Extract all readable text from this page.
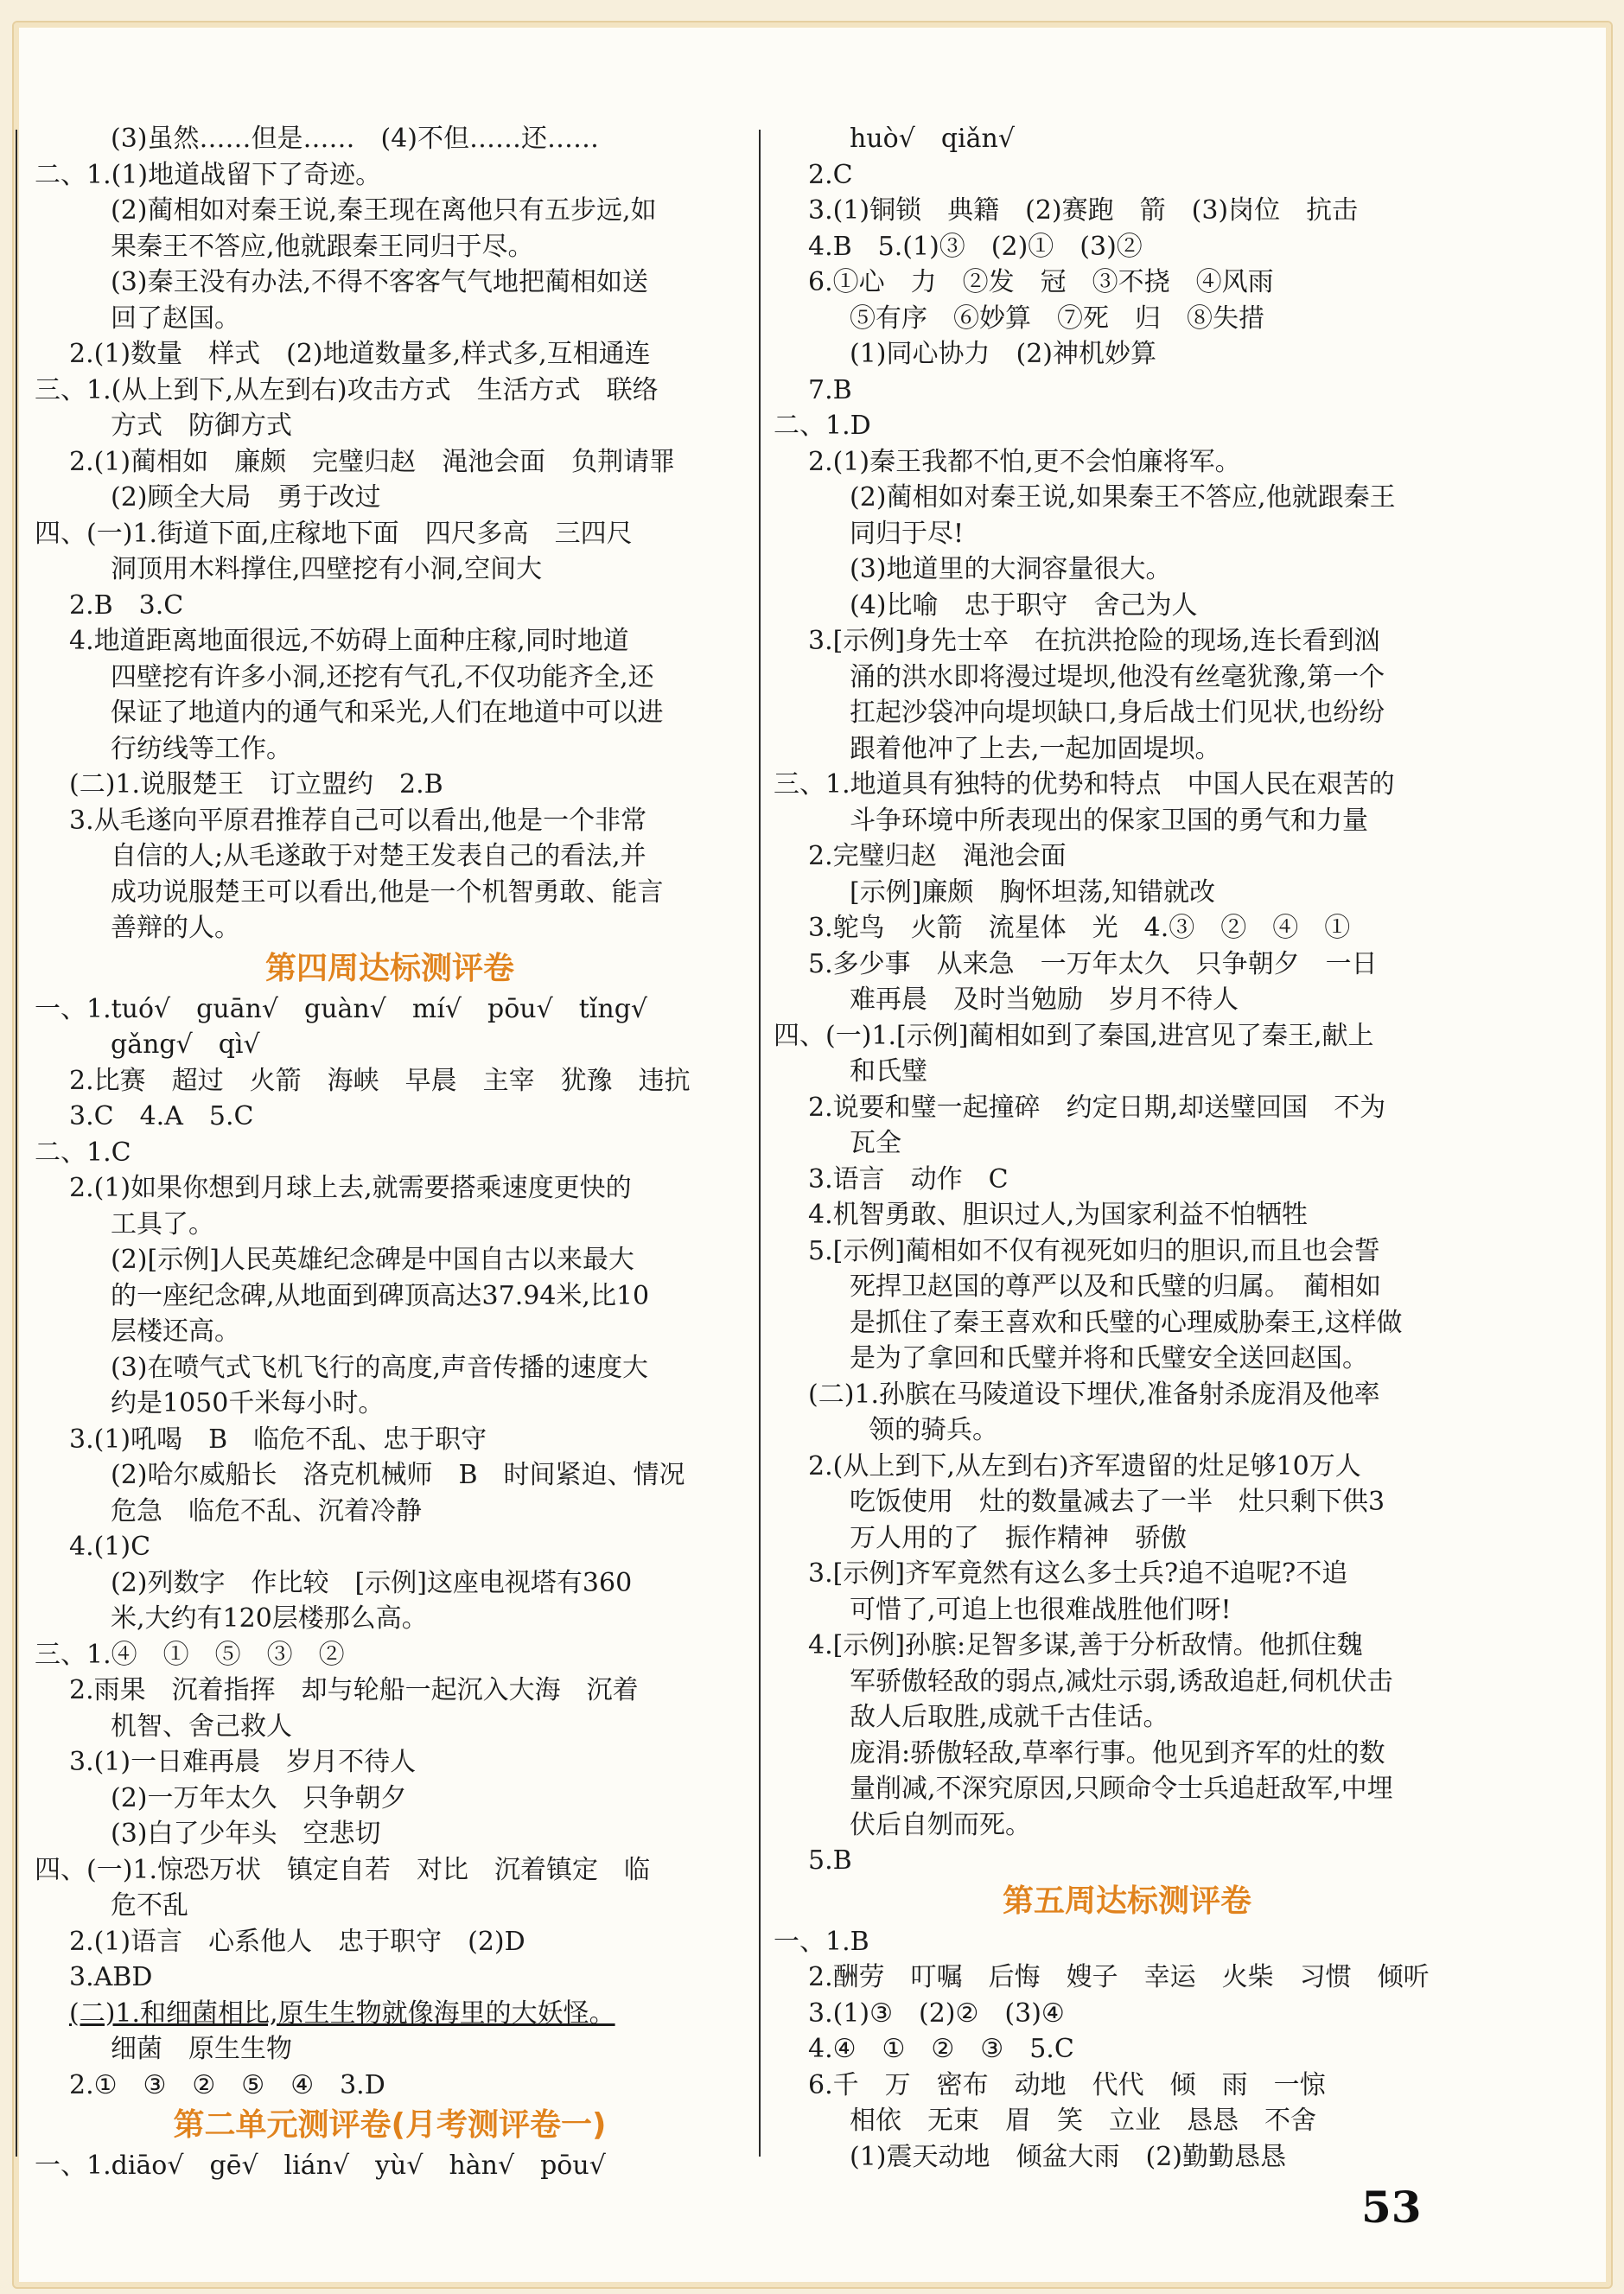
(3)虽然……但是……　(4)不但……还……
二、1.(1)地道战留下了奇迹。
(2)蔺相如对秦王说,秦王现在离他只有五步远,如
果秦王不答应,他就跟秦王同归于尽。
(3)秦王没有办法,不得不客客气气地把蔺相如送
回了赵国。
2.(1)数量　样式　(2)地道数量多,样式多,互相通连
三、1.(从上到下,从左到右)攻击方式　生活方式　联络
方式　防御方式
2.(1)蔺相如　廉颇　完璧归赵　渑池会面　负荆请罪
(2)顾全大局　勇于改过
四、(一)1.街道下面,庄稼地下面　四尺多高　三四尺
洞顶用木料撑住,四壁挖有小洞,空间大
2.B　3.C
4.地道距离地面很远,不妨碍上面种庄稼,同时地道
四壁挖有许多小洞,还挖有气孔,不仅功能齐全,还
保证了地道内的通气和采光,人们在地道中可以进
行纺线等工作。
(二)1.说服楚王　订立盟约　2.B
3.从毛遂向平原君推荐自己可以看出,他是一个非常
自信的人;从毛遂敢于对楚王发表自己的看法,并
成功说服楚王可以看出,他是一个机智勇敢、能言
善辩的人。
第四周达标测评卷
一、1.tuó√　guān√　guàn√　mí√　pōu√　tǐng√
gǎng√　qì√
2.比赛　超过　火箭　海峡　早晨　主宰　犹豫　违抗
3.C　4.A　5.C
二、1.C
2.(1)如果你想到月球上去,就需要搭乘速度更快的
工具了。
(2)[示例]人民英雄纪念碑是中国自古以来最大
的一座纪念碑,从地面到碑顶高达37.94米,比10
层楼还高。
(3)在喷气式飞机飞行的高度,声音传播的速度大
约是1050千米每小时。
3.(1)吼喝　B　临危不乱、忠于职守
(2)哈尔威船长　洛克机械师　B　时间紧迫、情况
危急　临危不乱、沉着冷静
4.(1)C
(2)列数字　作比较　[示例]这座电视塔有360
米,大约有120层楼那么高。
三、1.④　①　⑤　③　②
2.雨果　沉着指挥　却与轮船一起沉入大海　沉着
机智、舍己救人
3.(1)一日难再晨　岁月不待人
(2)一万年太久　只争朝夕
(3)白了少年头　空悲切
四、(一)1.惊恐万状　镇定自若　对比　沉着镇定　临
危不乱
2.(1)语言　心系他人　忠于职守　(2)D
3.ABD
(二)1.和细菌相比,原生生物就像海里的大妖怪。
细菌　原生生物
2.①　③　②　⑤　④　3.D
第二单元测评卷(月考测评卷一)
一、1.diāo√　gē√　lián√　yù√　hàn√　pōu√
huò√　qiǎn√
2.C
3.(1)铜锁　典籍　(2)赛跑　箭　(3)岗位　抗击
4.B　5.(1)③　(2)①　(3)②
6.①心　力　②发　冠　③不挠　④风雨
⑤有序　⑥妙算　⑦死　归　⑧失措
(1)同心协力　(2)神机妙算
7.B
二、1.D
2.(1)秦王我都不怕,更不会怕廉将军。
(2)蔺相如对秦王说,如果秦王不答应,他就跟秦王
同归于尽!
(3)地道里的大洞容量很大。
(4)比喻　忠于职守　舍己为人
3.[示例]身先士卒　在抗洪抢险的现场,连长看到汹
涌的洪水即将漫过堤坝,他没有丝毫犹豫,第一个
扛起沙袋冲向堤坝缺口,身后战士们见状,也纷纷
跟着他冲了上去,一起加固堤坝。
三、1.地道具有独特的优势和特点　中国人民在艰苦的
斗争环境中所表现出的保家卫国的勇气和力量
2.完璧归赵　渑池会面
[示例]廉颇　胸怀坦荡,知错就改
3.鸵鸟　火箭　流星体　光　4.③　②　④　①
5.多少事　从来急　一万年太久　只争朝夕　一日
难再晨　及时当勉励　岁月不待人
四、(一)1.[示例]蔺相如到了秦国,进宫见了秦王,献上
和氏璧
2.说要和璧一起撞碎　约定日期,却送璧回国　不为
瓦全
3.语言　动作　C
4.机智勇敢、胆识过人,为国家利益不怕牺牲
5.[示例]蔺相如不仅有视死如归的胆识,而且也会誓
死捍卫赵国的尊严以及和氏璧的归属。　蔺相如
是抓住了秦王喜欢和氏璧的心理威胁秦王,这样做
是为了拿回和氏璧并将和氏璧安全送回赵国。
(二)1.孙膑在马陵道设下埋伏,准备射杀庞涓及他率
领的骑兵。
2.(从上到下,从左到右)齐军遗留的灶足够10万人
吃饭使用　灶的数量减去了一半　灶只剩下供3
万人用的了　振作精神　骄傲
3.[示例]齐军竟然有这么多士兵?追不追呢?不追
可惜了,可追上也很难战胜他们呀!
4.[示例]孙膑:足智多谋,善于分析敌情。他抓住魏
军骄傲轻敌的弱点,减灶示弱,诱敌追赶,伺机伏击
敌人后取胜,成就千古佳话。
庞涓:骄傲轻敌,草率行事。他见到齐军的灶的数
量削减,不深究原因,只顾命令士兵追赶敌军,中埋
伏后自刎而死。
5.B
第五周达标测评卷
一、1.B
2.酬劳　叮嘱　后悔　嫂子　幸运　火柴　习惯　倾听
3.(1)③　(2)②　(3)④
4.④　①　②　③　5.C
6.千　万　密布　动地　代代　倾　雨　一惊
相依　无束　眉　笑　立业　恳恳　不舍
(1)震天动地　倾盆大雨　(2)勤勤恳恳
53
